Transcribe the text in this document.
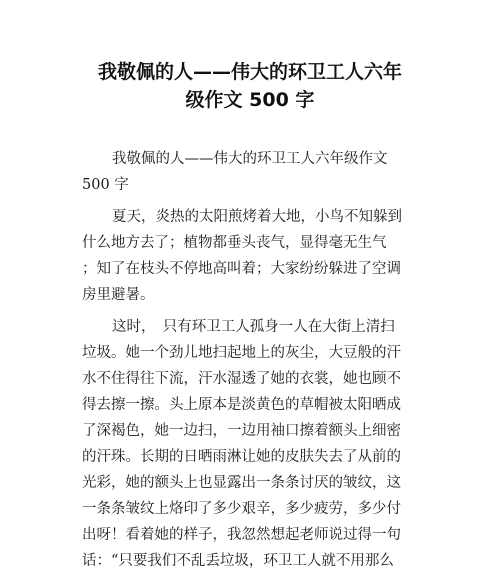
我敬佩的人——伟大的环卫工人六年
级作文 500 字
我敬佩的人——伟大的环卫工人六年级作文
500 字
夏天，炎热的太阳煎烤着大地，小鸟不知躲到
什么地方去了；植物都垂头丧气，显得毫无生气
；知了在枝头不停地高叫着；大家纷纷躲进了空调
房里避暑。
这时，　只有环卫工人孤身一人在大街上清扫
垃圾。她一个劲儿地扫起地上的灰尘，大豆般的汗
水不住得往下流，汗水湿透了她的衣裳，她也顾不
得去擦一擦。头上原本是淡黄色的草帽被太阳晒成
了深褐色，她一边扫，一边用袖口擦着额头上细密
的汗珠。长期的日晒雨淋让她的皮肤失去了从前的
光彩，她的额头上也显露出一条条讨厌的皱纹，这
一条条皱纹上烙印了多少艰辛，多少疲劳，多少付
出呀！看着她的样子，我忽然想起老师说过得一句
话：“只要我们不乱丢垃圾，环卫工人就不用那么
